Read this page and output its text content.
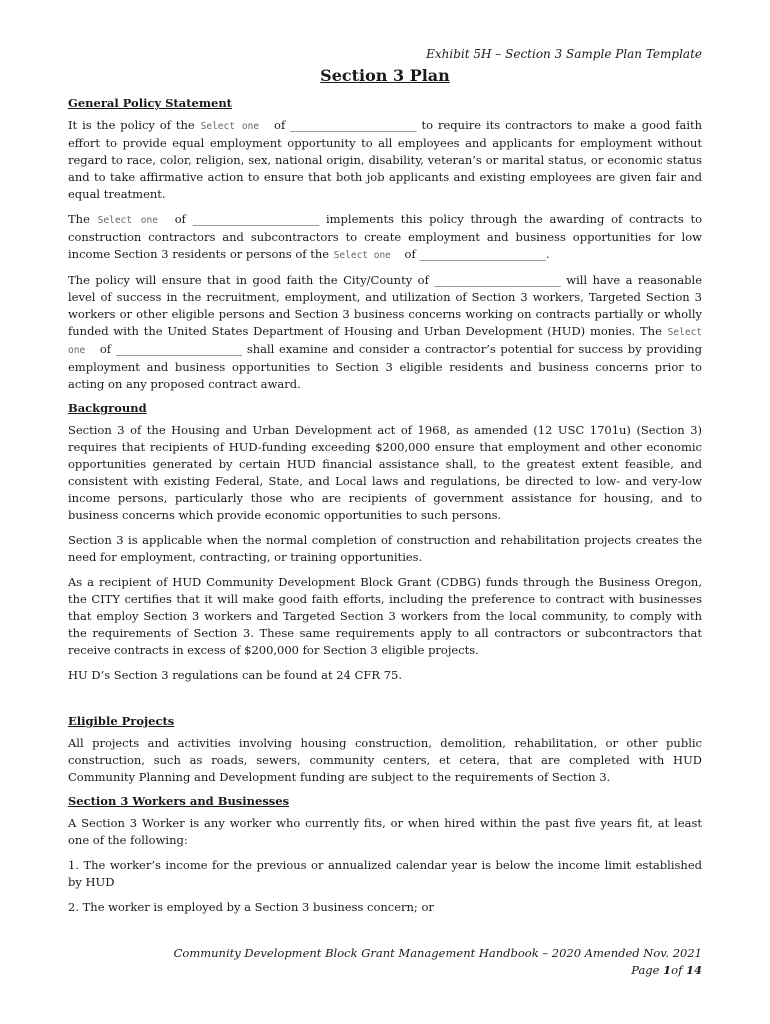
Exhibit 5H – Section 3 Sample Plan Template
Section 3 Plan
General Policy Statement

It is the policy of the Select one of ______________________ to require its contractors to make a good faith effort to provide equal employment opportunity to all employees and applicants for employment without regard to race, color, religion, sex, national origin, disability, veteran’s or marital status, or economic status and to take affirmative action to ensure that both job applicants and existing employees are given fair and equal treatment.

The Select one of ______________________ implements this policy through the awarding of contracts to construction contractors and subcontractors to create employment and business opportunities for low income Section 3 residents or persons of the Select one of ______________________.

The policy will ensure that in good faith the City/County of ______________________ will have a reasonable level of success in the recruitment, employment, and utilization of Section 3 workers, Targeted Section 3 workers or other eligible persons and Section 3 business concerns working on contracts partially or wholly funded with the United States Department of Housing and Urban Development (HUD) monies. The Select one of ______________________ shall examine and consider a contractor’s potential for success by providing employment and business opportunities to Section 3 eligible residents and business concerns prior to acting on any proposed contract award.

Background

Section 3 of the Housing and Urban Development act of 1968, as amended (12 USC 1701u) (Section 3) requires that recipients of HUD-funding exceeding $200,000 ensure that employment and other economic opportunities generated by certain HUD financial assistance shall, to the greatest extent feasible, and consistent with existing Federal, State, and Local laws and regulations, be directed to low- and very-low income persons, particularly those who are recipients of government assistance for housing, and to business concerns which provide economic opportunities to such persons.

Section 3 is applicable when the normal completion of construction and rehabilitation projects creates the need for employment, contracting, or training opportunities.

As a recipient of HUD Community Development Block Grant (CDBG) funds through the Business Oregon, the CITY certifies that it will make good faith efforts, including the preference to contract with businesses that employ Section 3 workers and Targeted Section 3 workers from the local community, to comply with the requirements of Section 3. These same requirements apply to all contractors or subcontractors that receive contracts in excess of $200,000 for Section 3 eligible projects.

HU D’s Section 3 regulations can be found at 24 CFR 75.

Eligible Projects

All projects and activities involving housing construction, demolition, rehabilitation, or other public construction, such as roads, sewers, community centers, et cetera, that are completed with HUD Community Planning and Development funding are subject to the requirements of Section 3.

Section 3 Workers and Businesses

A Section 3 Worker is any worker who currently fits, or when hired within the past five years fit, at least one of the following:

1. The worker’s income for the previous or annualized calendar year is below the income limit established by HUD

2. The worker is employed by a Section 3 business concern; or

Community Development Block Grant Management Handbook – 2020 Amended Nov. 2021
Page 1of 14
